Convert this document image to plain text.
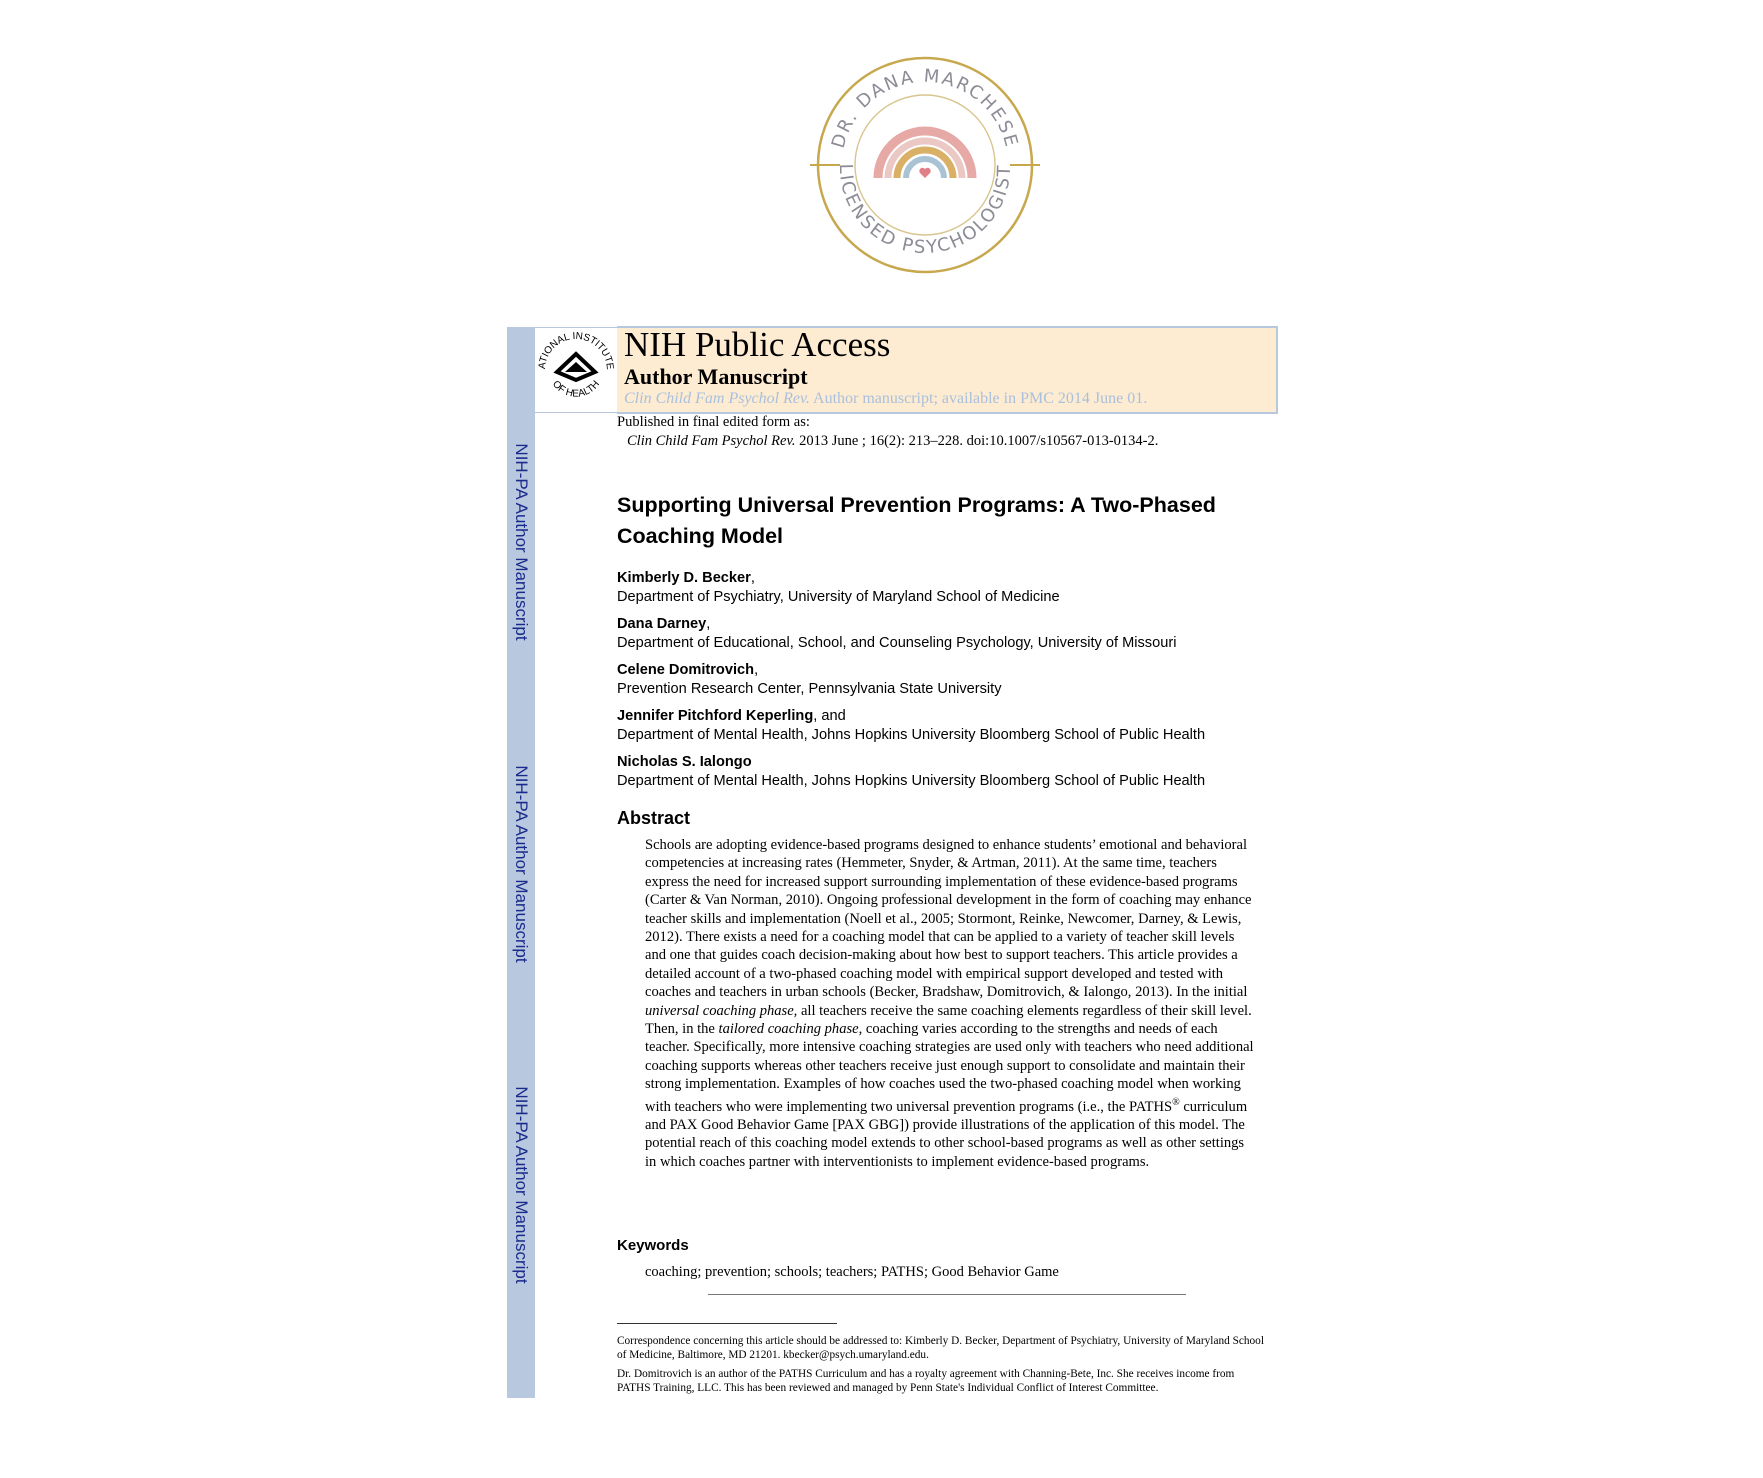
DR. DANA MARCHESE
LICENSED PSYCHOLOGIST
NIH-PA Author Manuscript
NIH-PA Author Manuscript
NIH-PA Author Manuscript
ATIONAL INSTITUTE
OF HEALTH
NIH Public Access
Author Manuscript
Clin Child Fam Psychol Rev. Author manuscript; available in PMC 2014 June 01.
Published in final edited form as:
Clin Child Fam Psychol Rev. 2013 June ; 16(2): 213–228. doi:10.1007/s10567-013-0134-2.
Supporting Universal Prevention Programs: A Two-Phased Coaching Model
Kimberly D. Becker,
Department of Psychiatry, University of Maryland School of Medicine
Dana Darney,
Department of Educational, School, and Counseling Psychology, University of Missouri
Celene Domitrovich,
Prevention Research Center, Pennsylvania State University
Jennifer Pitchford Keperling, and
Department of Mental Health, Johns Hopkins University Bloomberg School of Public Health
Nicholas S. Ialongo
Department of Mental Health, Johns Hopkins University Bloomberg School of Public Health
Abstract
Schools are adopting evidence-based programs designed to enhance students’ emotional and behavioral competencies at increasing rates (Hemmeter, Snyder, & Artman, 2011). At the same time, teachers express the need for increased support surrounding implementation of these evidence-based programs (Carter & Van Norman, 2010). Ongoing professional development in the form of coaching may enhance teacher skills and implementation (Noell et al., 2005; Stormont, Reinke, Newcomer, Darney, & Lewis, 2012). There exists a need for a coaching model that can be applied to a variety of teacher skill levels and one that guides coach decision-making about how best to support teachers. This article provides a detailed account of a two-phased coaching model with empirical support developed and tested with coaches and teachers in urban schools (Becker, Bradshaw, Domitrovich, & Ialongo, 2013). In the initial universal coaching phase, all teachers receive the same coaching elements regardless of their skill level. Then, in the tailored coaching phase, coaching varies according to the strengths and needs of each teacher. Specifically, more intensive coaching strategies are used only with teachers who need additional coaching supports whereas other teachers receive just enough support to consolidate and maintain their strong implementation. Examples of how coaches used the two-phased coaching model when working with teachers who were implementing two universal prevention programs (i.e., the PATHS® curriculum and PAX Good Behavior Game [PAX GBG]) provide illustrations of the application of this model. The potential reach of this coaching model extends to other school-based programs as well as other settings in which coaches partner with interventionists to implement evidence-based programs.
Keywords
coaching; prevention; schools; teachers; PATHS; Good Behavior Game
Correspondence concerning this article should be addressed to: Kimberly D. Becker, Department of Psychiatry, University of Maryland School of Medicine, Baltimore, MD 21201. kbecker@psych.umaryland.edu.
Dr. Domitrovich is an author of the PATHS Curriculum and has a royalty agreement with Channing-Bete, Inc. She receives income from PATHS Training, LLC. This has been reviewed and managed by Penn State's Individual Conflict of Interest Committee.
